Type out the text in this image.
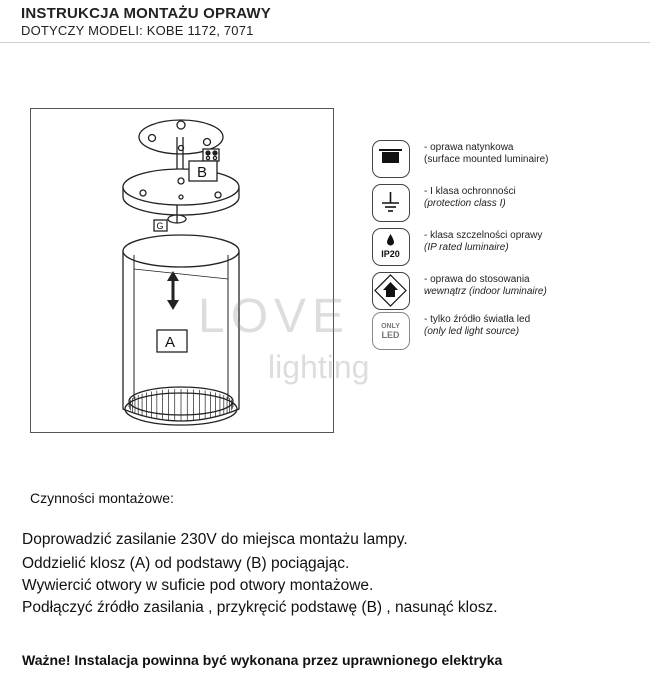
INSTRUKCJA MONTAŻU OPRAWY
DOTYCZY MODELI: KOBE 1172, 7071
B
G
A LOVE
lighting
- oprawa natynkowa
(surface mounted luminaire)
- I klasa ochronności
(protection class I)
IP20
- klasa szczelności oprawy
(IP rated luminaire)
- oprawa do stosowania
wewnątrz (indoor luminaire)
ONLY
LED
- tylko źródło światła led
(only led light source)
Czynności montażowe:
Doprowadzić zasilanie 230V do miejsca montażu lampy.
Oddzielić klosz (A) od podstawy (B) pociągając.
Wywiercić otwory w suficie pod otwory montażowe.
Podłączyć źródło zasilania , przykręcić podstawę (B) , nasunąć klosz.
Ważne! Instalacja powinna być wykonana przez uprawnionego elektryka
